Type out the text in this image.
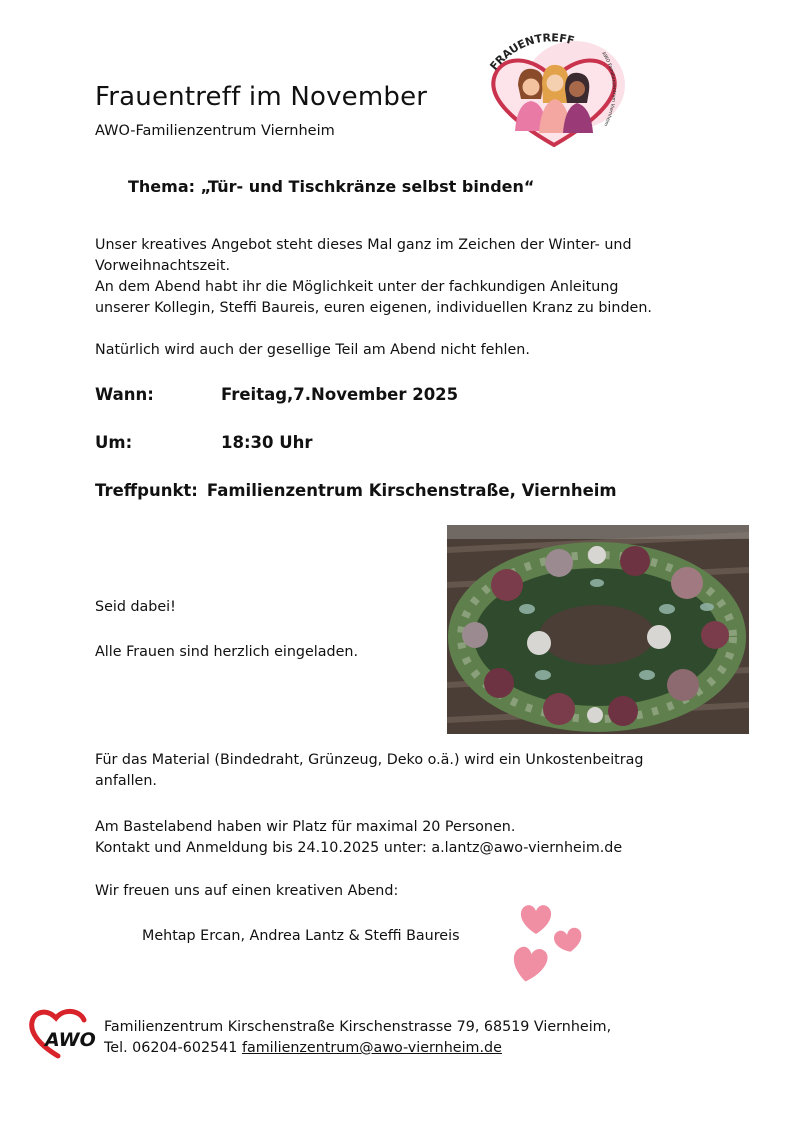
Frauentreff im November
AWO-Familienzentrum Viernheim
FRAUENTREFF
AWO Familienzentrum Viernheim
Thema: „Tür- und Tischkränze selbst binden“
Unser kreatives Angebot steht dieses Mal ganz im Zeichen der Winter- und
Vorweihnachtszeit.
An dem Abend habt ihr die Möglichkeit unter der fachkundigen Anleitung
unserer Kollegin, Steffi Baureis, euren eigenen, individuellen Kranz zu binden.
Natürlich wird auch der gesellige Teil am Abend nicht fehlen.
Wann:	Freitag,7.November 2025
Um:	18:30 Uhr
Treffpunkt: Familienzentrum Kirschenstraße, Viernheim
Seid dabei!
Alle Frauen sind herzlich eingeladen.
Für das Material (Bindedraht, Grünzeug, Deko o.ä.) wird ein Unkostenbeitrag
anfallen.
Am Bastelabend haben wir Platz für maximal 20 Personen.
Kontakt und Anmeldung bis 24.10.2025 unter: a.lantz@awo-viernheim.de
Wir freuen uns auf einen kreativen Abend:
Mehtap Ercan, Andrea Lantz & Steffi Baureis
AWO
Familienzentrum Kirschenstraße Kirschenstrasse 79, 68519 Viernheim,
Tel. 06204-602541 familienzentrum@awo-viernheim.de
